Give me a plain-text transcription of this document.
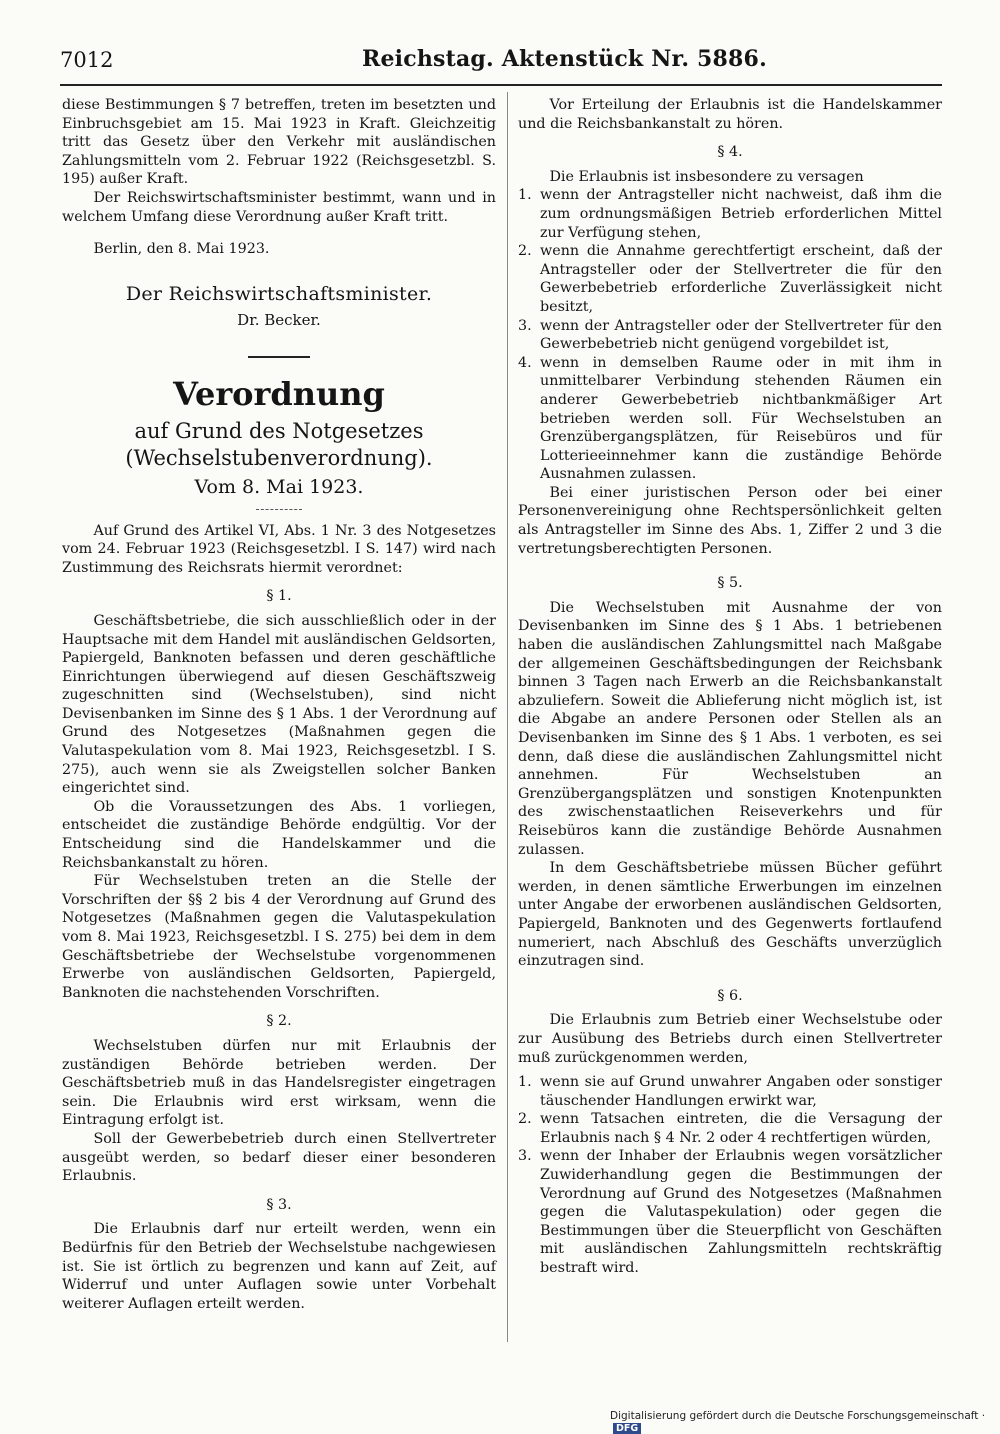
7012	Reichstag. Aktenstück Nr. 5886.

diese Bestimmungen § 7 betreffen, treten im besetzten und Einbruchsgebiet am 15. Mai 1923 in Kraft. Gleichzeitig tritt das Gesetz über den Verkehr mit ausländischen Zahlungsmitteln vom 2. Februar 1922 (Reichsgesetzbl. S. 195) außer Kraft.

Der Reichswirtschaftsminister bestimmt, wann und in welchem Umfang diese Verordnung außer Kraft tritt.

Berlin, den 8. Mai 1923.

Der Reichswirtschaftsminister.
Dr. Becker.
Verordnung
auf Grund des Notgesetzes (Wechselstubenverordnung).
Vom 8. Mai 1923.

Auf Grund des Artikel VI, Abs. 1 Nr. 3 des Notgesetzes vom 24. Februar 1923 (Reichsgesetzbl. I S. 147) wird nach Zustimmung des Reichsrats hiermit verordnet:

§ 1.

Geschäftsbetriebe, die sich ausschließlich oder in der Hauptsache mit dem Handel mit ausländischen Geldsorten, Papiergeld, Banknoten befassen und deren geschäftliche Einrichtungen überwiegend auf diesen Geschäftszweig zugeschnitten sind (Wechselstuben), sind nicht Devisenbanken im Sinne des § 1 Abs. 1 der Verordnung auf Grund des Notgesetzes (Maßnahmen gegen die Valutaspekulation vom 8. Mai 1923, Reichsgesetzbl. I S. 275), auch wenn sie als Zweigstellen solcher Banken eingerichtet sind.

Ob die Voraussetzungen des Abs. 1 vorliegen, entscheidet die zuständige Behörde endgültig. Vor der Entscheidung sind die Handelskammer und die Reichsbankanstalt zu hören.

Für Wechselstuben treten an die Stelle der Vorschriften der §§ 2 bis 4 der Verordnung auf Grund des Notgesetzes (Maßnahmen gegen die Valutaspekulation vom 8. Mai 1923, Reichsgesetzbl. I S. 275) bei dem in dem Geschäftsbetriebe der Wechselstube vorgenommenen Erwerbe von ausländischen Geldsorten, Papiergeld, Banknoten die nachstehenden Vorschriften.

§ 2.

Wechselstuben dürfen nur mit Erlaubnis der zuständigen Behörde betrieben werden. Der Geschäftsbetrieb muß in das Handelsregister eingetragen sein. Die Erlaubnis wird erst wirksam, wenn die Eintragung erfolgt ist.

Soll der Gewerbebetrieb durch einen Stellvertreter ausgeübt werden, so bedarf dieser einer besonderen Erlaubnis.

§ 3.

Die Erlaubnis darf nur erteilt werden, wenn ein Bedürfnis für den Betrieb der Wechselstube nachgewiesen ist. Sie ist örtlich zu begrenzen und kann auf Zeit, auf Widerruf und unter Auflagen sowie unter Vorbehalt weiterer Auflagen erteilt werden.

Vor Erteilung der Erlaubnis ist die Handelskammer und die Reichsbankanstalt zu hören.

§ 4.

Die Erlaubnis ist insbesondere zu versagen

1. wenn der Antragsteller nicht nachweist, daß ihm die zum ordnungsmäßigen Betrieb erforderlichen Mittel zur Verfügung stehen,
2. wenn die Annahme gerechtfertigt erscheint, daß der Antragsteller oder der Stellvertreter die für den Gewerbebetrieb erforderliche Zuverlässigkeit nicht besitzt,
3. wenn der Antragsteller oder der Stellvertreter für den Gewerbebetrieb nicht genügend vorgebildet ist,
4. wenn in demselben Raume oder in mit ihm in unmittelbarer Verbindung stehenden Räumen ein anderer Gewerbebetrieb nichtbankmäßiger Art betrieben werden soll. Für Wechselstuben an Grenzübergangsplätzen, für Reisebüros und für Lotterieeinnehmer kann die zuständige Behörde Ausnahmen zulassen.

Bei einer juristischen Person oder bei einer Personenvereinigung ohne Rechtspersönlichkeit gelten als Antragsteller im Sinne des Abs. 1, Ziffer 2 und 3 die vertretungsberechtigten Personen.

§ 5.

Die Wechselstuben mit Ausnahme der von Devisenbanken im Sinne des § 1 Abs. 1 betriebenen haben die ausländischen Zahlungsmittel nach Maßgabe der allgemeinen Geschäftsbedingungen der Reichsbank binnen 3 Tagen nach Erwerb an die Reichsbankanstalt abzuliefern. Soweit die Ablieferung nicht möglich ist, ist die Abgabe an andere Personen oder Stellen als an Devisenbanken im Sinne des § 1 Abs. 1 verboten, es sei denn, daß diese die ausländischen Zahlungsmittel nicht annehmen. Für Wechselstuben an Grenzübergangsplätzen und sonstigen Knotenpunkten des zwischenstaatlichen Reiseverkehrs und für Reisebüros kann die zuständige Behörde Ausnahmen zulassen.

In dem Geschäftsbetriebe müssen Bücher geführt werden, in denen sämtliche Erwerbungen im einzelnen unter Angabe der erworbenen ausländischen Geldsorten, Papiergeld, Banknoten und des Gegenwerts fortlaufend numeriert, nach Abschluß des Geschäfts unverzüglich einzutragen sind.

§ 6.

Die Erlaubnis zum Betrieb einer Wechselstube oder zur Ausübung des Betriebs durch einen Stellvertreter muß zurückgenommen werden,

1. wenn sie auf Grund unwahrer Angaben oder sonstiger täuschender Handlungen erwirkt war,
2. wenn Tatsachen eintreten, die die Versagung der Erlaubnis nach § 4 Nr. 2 oder 4 rechtfertigen würden,
3. wenn der Inhaber der Erlaubnis wegen vorsätzlicher Zuwiderhandlung gegen die Bestimmungen der Verordnung auf Grund des Notgesetzes (Maßnahmen gegen die Valutaspekulation) oder gegen die Bestimmungen über die Steuerpflicht von Geschäften mit ausländischen Zahlungsmitteln rechtskräftig bestraft wird.
Digitalisierung gefördert durch die Deutsche Forschungsgemeinschaft ·DFG
